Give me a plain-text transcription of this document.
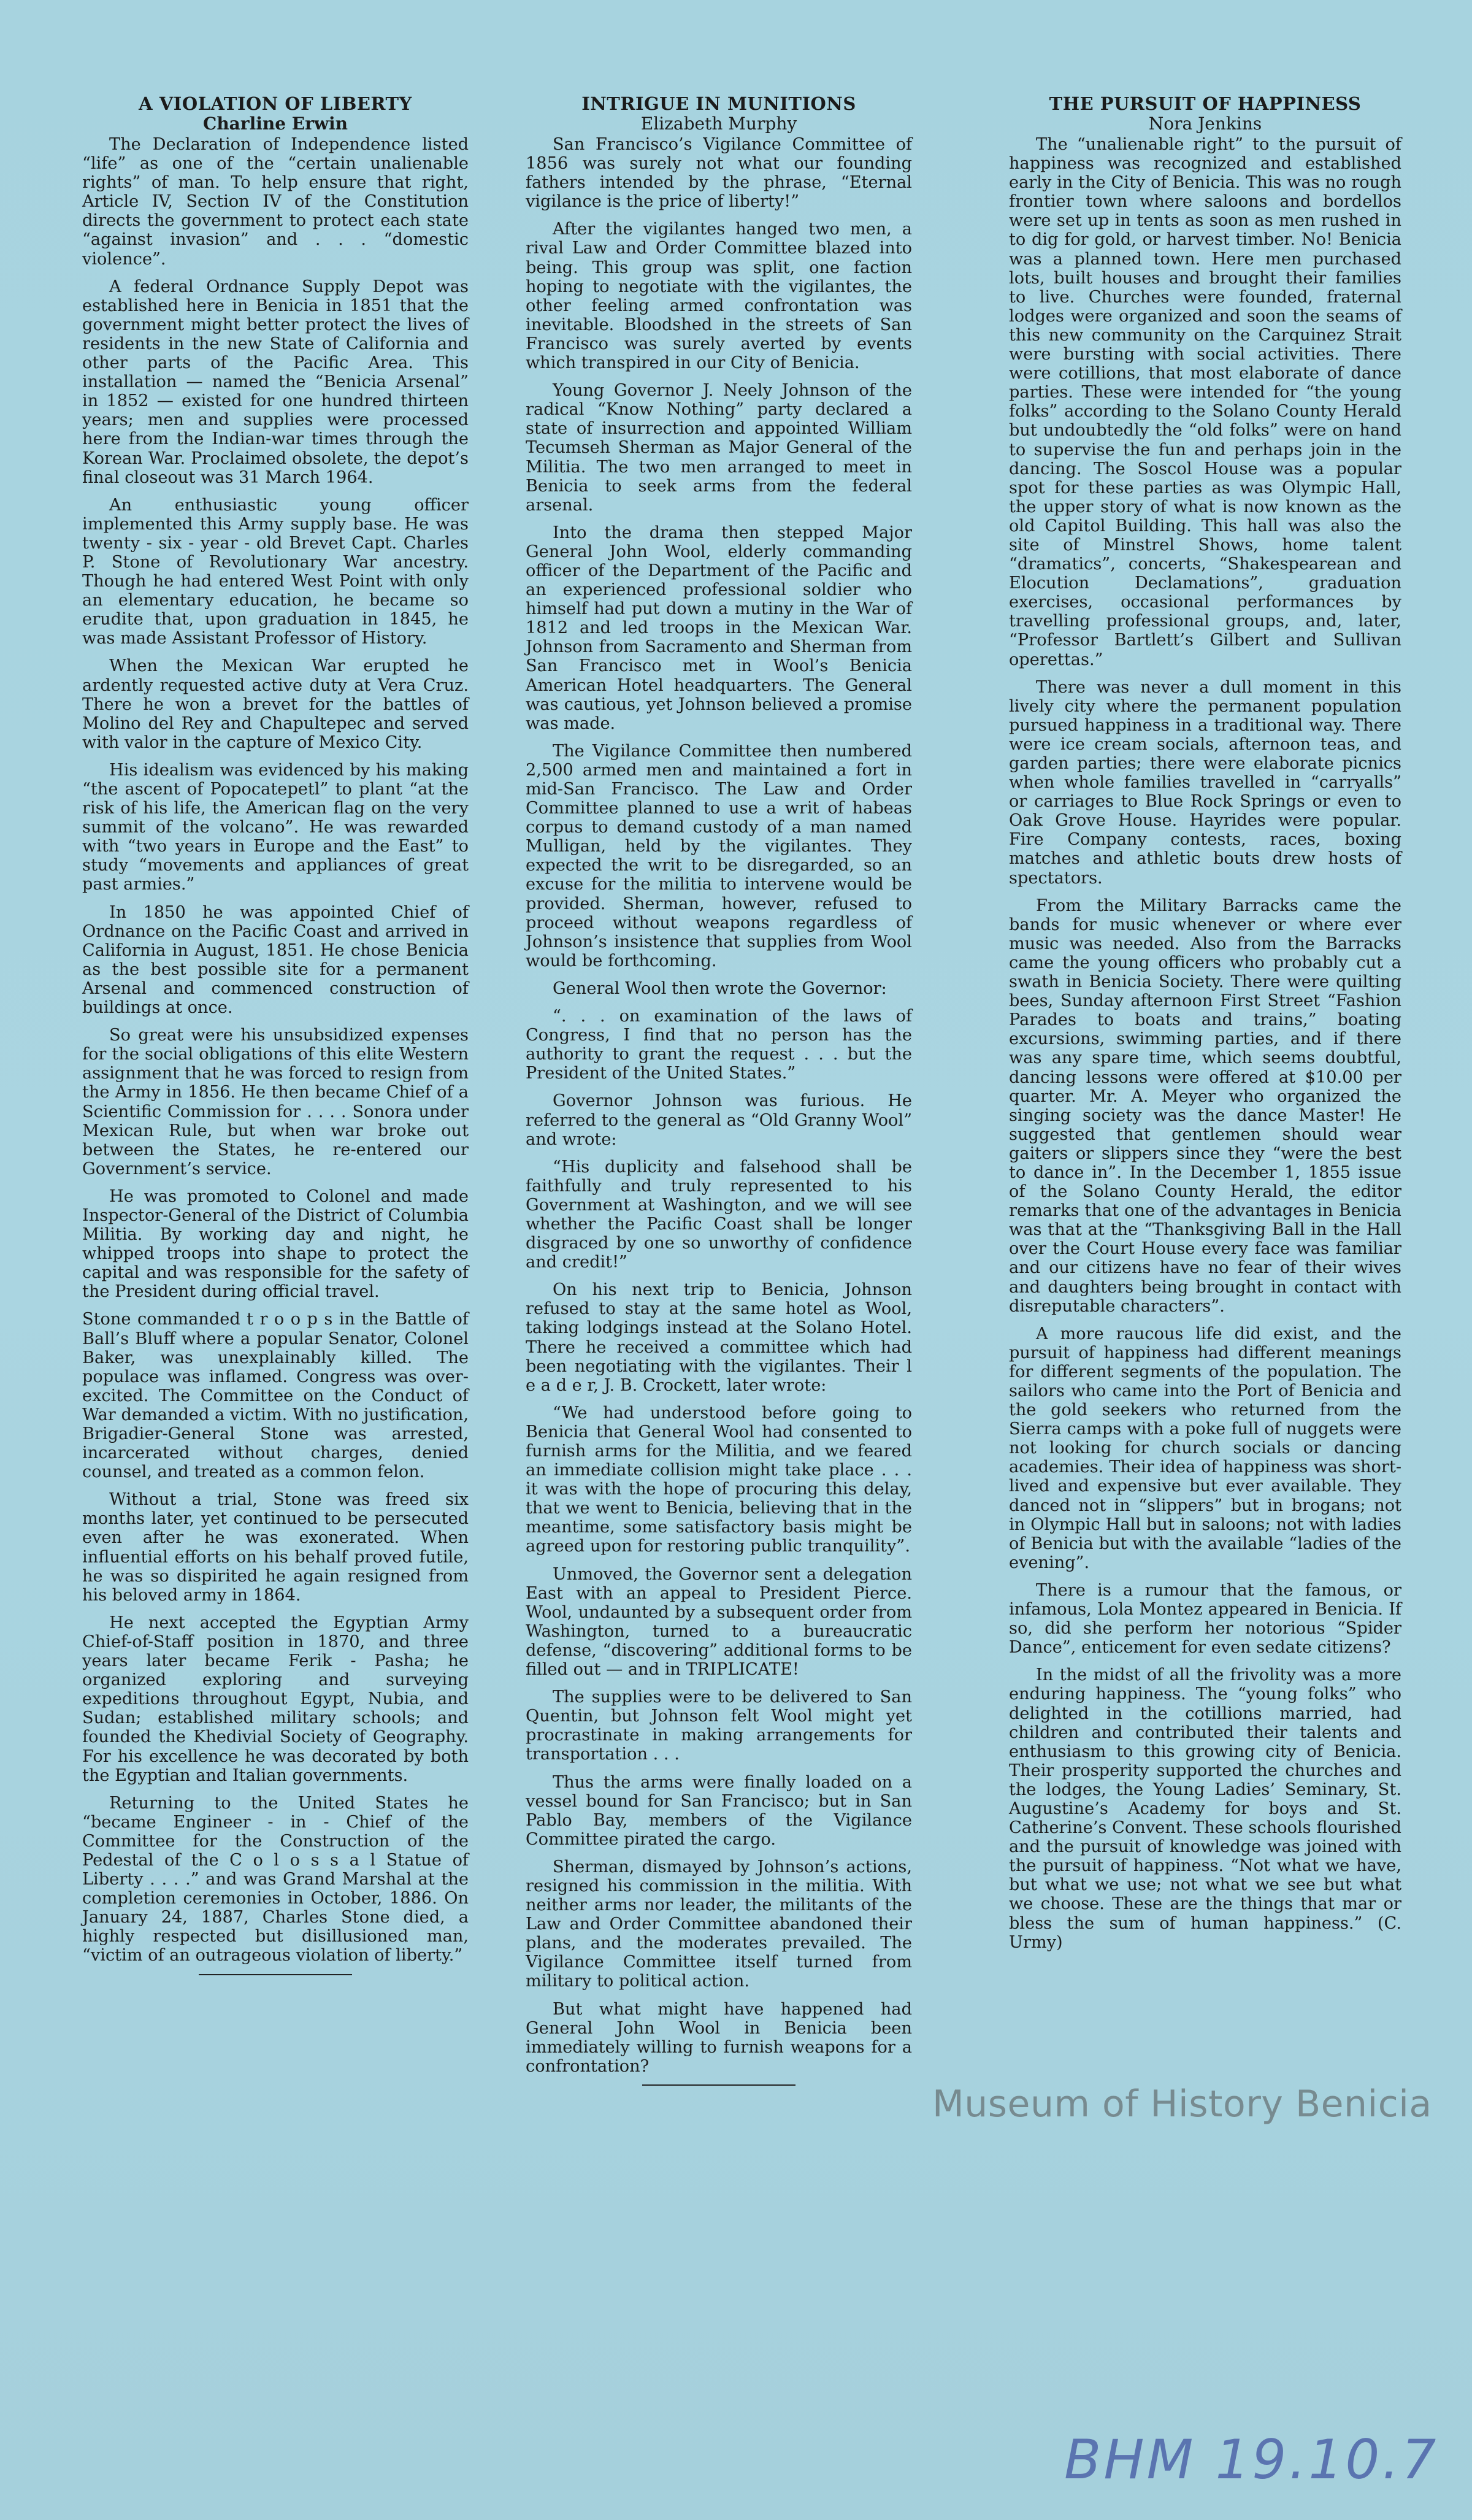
A VIOLATION OF LIBERTY
Charline Erwin

The Declaration of Independence listed “life” as one of the “certain unalienable rights” of man. To help ensure that right, Article IV, Section IV of the Constitution directs the government to protect each state “against invasion” and . . . “domestic violence”.

A federal Ordnance Supply Depot was established here in Benicia in 1851 that the government might better protect the lives of residents in the new State of California and other parts of the Pacific Area. This installation — named the “Benicia Arsenal” in 1852 — existed for one hundred thirteen years; men and supplies were processed here from the Indian-war times through the Korean War. Proclaimed obsolete, the depot’s final closeout was 31 March 1964.

An enthusiastic young officer implemented this Army supply base. He was twenty - six - year - old Brevet Capt. Charles P. Stone of Revolutionary War ancestry. Though he had entered West Point with only an elementary education, he became so erudite that, upon graduation in 1845, he was made Assistant Professor of History.

When the Mexican War erupted he ardently requested active duty at Vera Cruz. There he won a brevet for the battles of Molino del Rey and Chapultepec and served with valor in the capture of Mexico City.

His idealism was evidenced by his making “the ascent of Popocatepetl” to plant “at the risk of his life, the American flag on the very summit of the volcano”. He was rewarded with “two years in Europe and the East” to study “movements and appliances of great past armies.”

In 1850 he was appointed Chief of Ordnance on the Pacific Coast and arrived in California in August, 1851. He chose Benicia as the best possible site for a permanent Arsenal and commenced construction of buildings at once.

So great were his unsubsidized expenses for the social obligations of this elite Western assignment that he was forced to resign from the Army in 1856. He then became Chief of a Scientific Commission for . . . . Sonora under Mexican Rule, but when war broke out between the States, he re-entered our Government’s service.

He was promoted to Colonel and made Inspector-General of the District of Columbia Militia. By working day and night, he whipped troops into shape to protect the capital and was responsible for the safety of the President during official travel.

Stone commanded t r o o p s in the Battle of Ball’s Bluff where a popular Senator, Colonel Baker, was unexplainably killed. The populace was inflamed. Congress was over-excited. The Committee on the Conduct of War demanded a victim. With no justification, Brigadier-General Stone was arrested, incarcerated without charges, denied counsel, and treated as a common felon.

Without a trial, Stone was freed six months later, yet continued to be persecuted even after he was exonerated. When influential efforts on his behalf proved futile, he was so dispirited he again resigned from his beloved army in 1864.

He next accepted the Egyptian Army Chief-of-Staff position in 1870, and three years later became Ferik - Pasha; he organized exploring and surveying expeditions throughout Egypt, Nubia, and Sudan; established military schools; and founded the Khedivial Society of Geography. For his excellence he was decorated by both the Egyptian and Italian governments.

Returning to the United States he “became Engineer - in - Chief of the Committee for the Construction of the Pedestal of the C o l o s s a l Statue of Liberty . . . .” and was Grand Marshal at the completion ceremonies in October, 1886. On January 24, 1887, Charles Stone died, a highly respected but disillusioned man, “victim of an outrageous violation of liberty.”

INTRIGUE IN MUNITIONS
Elizabeth Murphy

San Francisco’s Vigilance Committee of 1856 was surely not what our founding fathers intended by the phrase, “Eternal vigilance is the price of liberty!”

After the vigilantes hanged two men, a rival Law and Order Committee blazed into being. This group was split, one faction hoping to negotiate with the vigilantes, the other feeling armed confrontation was inevitable. Bloodshed in the streets of San Francisco was surely averted by events which transpired in our City of Benicia.

Young Governor J. Neely Johnson of the radical “Know Nothing” party declared a state of insurrection and appointed William Tecumseh Sherman as Major General of the Militia. The two men arranged to meet in Benicia to seek arms from the federal arsenal.

Into the drama then stepped Major General John Wool, elderly commanding officer of the Department of the Pacific and an experienced professional soldier who himself had put down a mutiny in the War of 1812 and led troops in the Mexican War. Johnson from Sacramento and Sherman from San Francisco met in Wool’s Benicia American Hotel headquarters. The General was cautious, yet Johnson believed a promise was made.

The Vigilance Committee then numbered 2,500 armed men and maintained a fort in mid-San Francisco. The Law and Order Committee planned to use a writ of habeas corpus to demand custody of a man named Mulligan, held by the vigilantes. They expected the writ to be disregarded, so an excuse for the militia to intervene would be provided. Sherman, however, refused to proceed without weapons regardless of Johnson’s insistence that supplies from Wool would be forthcoming.

General Wool then wrote the Governor:

“. . . on examination of the laws of Congress, I find that no person has the authority to grant the request . . . but the President of the United States.”

Governor Johnson was furious. He referred to the general as “Old Granny Wool” and wrote:

“His duplicity and falsehood shall be faithfully and truly represented to his Government at Washington, and we will see whether the Pacific Coast shall be longer disgraced by one so unworthy of confidence and credit!”

On his next trip to Benicia, Johnson refused to stay at the same hotel as Wool, taking lodgings instead at the Solano Hotel. There he received a committee which had been negotiating with the vigilantes. Their l e a d e r, J. B. Crockett, later wrote:

“We had understood before going to Benicia that General Wool had consented to furnish arms for the Militia, and we feared an immediate collision might take place . . . it was with the hope of procuring this delay, that we went to Benicia, believing that in the meantime, some satisfactory basis might be agreed upon for restoring public tranquility”.

Unmoved, the Governor sent a delegation East with an appeal to President Pierce. Wool, undaunted by a subsequent order from Washington, turned to a bureaucratic defense, “discovering” additional forms to be filled out — and in TRIPLICATE!

The supplies were to be delivered to San Quentin, but Johnson felt Wool might yet procrastinate in making arrangements for transportation . . .

Thus the arms were finally loaded on a vessel bound for San Francisco; but in San Pablo Bay, members of the Vigilance Committee pirated the cargo.

Sherman, dismayed by Johnson’s actions, resigned his commission in the militia. With neither arms nor leader, the militants of the Law and Order Committee abandoned their plans, and the moderates prevailed. The Vigilance Committee itself turned from military to political action.

But what might have happened had General John Wool in Benicia been immediately willing to furnish weapons for a confrontation?

THE PURSUIT OF HAPPINESS
Nora Jenkins

The “unalienable right” to the pursuit of happiness was recognized and established early in the City of Benicia. This was no rough frontier town where saloons and bordellos were set up in tents as soon as men rushed in to dig for gold, or harvest timber. No! Benicia was a planned town. Here men purchased lots, built houses and brought their families to live. Churches were founded, fraternal lodges were organized and soon the seams of this new community on the Carquinez Strait were bursting with social activities. There were cotillions, that most elaborate of dance parties. These were intended for “the young folks” according to the Solano County Herald but undoubtedly the “old folks” were on hand to supervise the fun and perhaps join in the dancing. The Soscol House was a popular spot for these parties as was Olympic Hall, the upper story of what is now known as the old Capitol Building. This hall was also the site of Minstrel Shows, home talent “dramatics”, concerts, “Shakespearean and Elocution Declamations”, graduation exercises, occasional performances by travelling professional groups, and, later, “Professor Bartlett’s Gilbert and Sullivan operettas.”

There was never a dull moment in this lively city where the permanent population pursued happiness in a traditional way. There were ice cream socials, afternoon teas, and garden parties; there were elaborate picnics when whole families travelled in “carryalls” or carriages to Blue Rock Springs or even to Oak Grove House. Hayrides were popular. Fire Company contests, races, boxing matches and athletic bouts drew hosts of spectators.

From the Military Barracks came the bands for music whenever or where ever music was needed. Also from the Barracks came the young officers who probably cut a swath in Benicia Society. There were quilting bees, Sunday afternoon First Street “Fashion Parades to boats and trains,” boating excursions, swimming parties, and if there was any spare time, which seems doubtful, dancing lessons were offered at $10.00 per quarter. Mr. A. Meyer who organized the singing society was the dance Master! He suggested that gentlemen should wear gaiters or slippers since they “were the best to dance in”. In the December 1, 1855 issue of the Solano County Herald, the editor remarks that one of the advantages in Benicia was that at the “Thanksgiving Ball in the Hall over the Court House every face was familiar and our citizens have no fear of their wives and daughters being brought in contact with disreputable characters”.

A more raucous life did exist, and the pursuit of happiness had different meanings for different segments of the population. The sailors who came into the Port of Benicia and the gold seekers who returned from the Sierra camps with a poke full of nuggets were not looking for church socials or dancing academies. Their idea of happiness was short-lived and expensive but ever available. They danced not in “slippers” but in brogans; not in Olympic Hall but in saloons; not with ladies of Benicia but with the available “ladies of the evening”.

There is a rumour that the famous, or infamous, Lola Montez appeared in Benicia. If so, did she perform her notorious “Spider Dance”, enticement for even sedate citizens?

In the midst of all the frivolity was a more enduring happiness. The “young folks” who delighted in the cotillions married, had children and contributed their talents and enthusiasm to this growing city of Benicia. Their prosperity supported the churches and the lodges, the Young Ladies’ Seminary, St. Augustine’s Academy for boys and St. Catherine’s Convent. These schools flourished and the pursuit of knowledge was joined with the pursuit of happiness. “Not what we have, but what we use; not what we see but what we choose. These are the things that mar or bless the sum of human happiness.” (C. Urmy)

Museum of History Benicia
BHM 19.10.7
